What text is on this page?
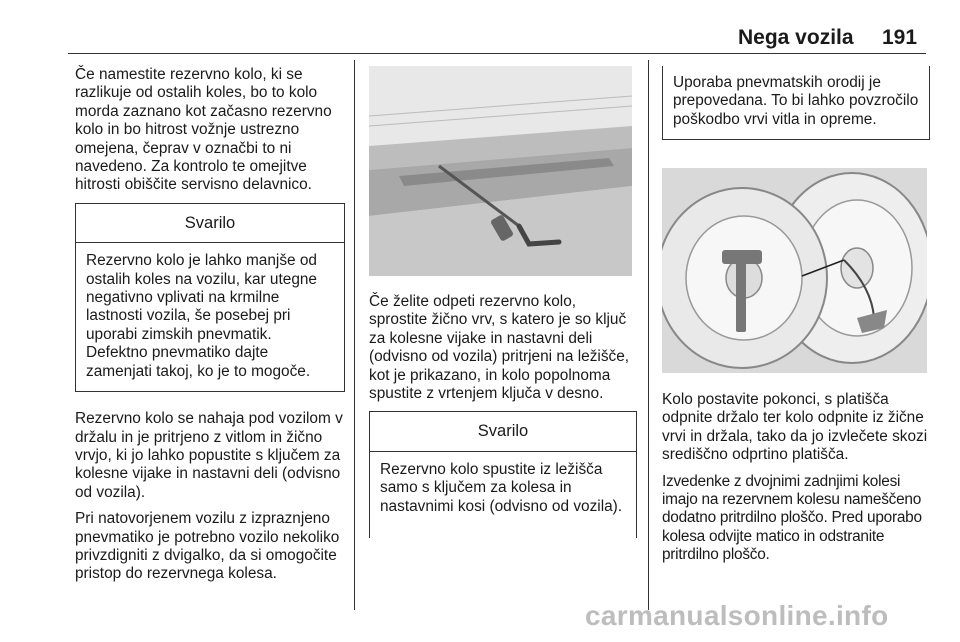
Nega vozila 191

Če namestite rezervno kolo, ki se razlikuje od ostalih koles, bo to kolo morda zaznano kot začasno rezervno kolo in bo hitrost vožnje ustrezno omejena, čeprav v označbi to ni navedeno. Za kontrolo te omejitve hitrosti obiščite servisno delavnico.

Svarilo
Rezervno kolo je lahko manjše od ostalih koles na vozilu, kar utegne negativno vplivati na krmilne lastnosti vozila, še posebej pri uporabi zimskih pnevmatik. Defektno pnevmatiko dajte zamenjati takoj, ko je to mogoče.

Rezervno kolo se nahaja pod vozilom v držalu in je pritrjeno z vitlom in žično vrvjo, ki jo lahko popustite s ključem za kolesne vijake in nastavni deli (odvisno od vozila).

Pri natovorjenem vozilu z izpraznjeno pnevmatiko je potrebno vozilo nekoliko privzdigniti z dvigalko, da si omogočite pristop do rezervnega kolesa.

Če želite odpeti rezervno kolo, sprostite žično vrv, s katero je so ključ za kolesne vijake in nastavni deli (odvisno od vozila) pritrjeni na ležišče, kot je prikazano, in kolo popolnoma spustite z vrtenjem ključa v desno.

Svarilo
Rezervno kolo spustite iz ležišča samo s ključem za kolesa in nastavnimi kosi (odvisno od vozila).
Uporaba pnevmatskih orodij je prepovedana. To bi lahko povzročilo poškodbo vrvi vitla in opreme.

Kolo postavite pokonci, s platišča odpnite držalo ter kolo odpnite iz žične vrvi in držala, tako da jo izvlečete skozi središčno odprtino platišča.

Izvedenke z dvojnimi zadnjimi kolesi imajo na rezervnem kolesu nameščeno dodatno pritrdilno ploščo. Pred uporabo kolesa odvijte matico in odstranite pritrdilno ploščo.

carmanualsonline.info
